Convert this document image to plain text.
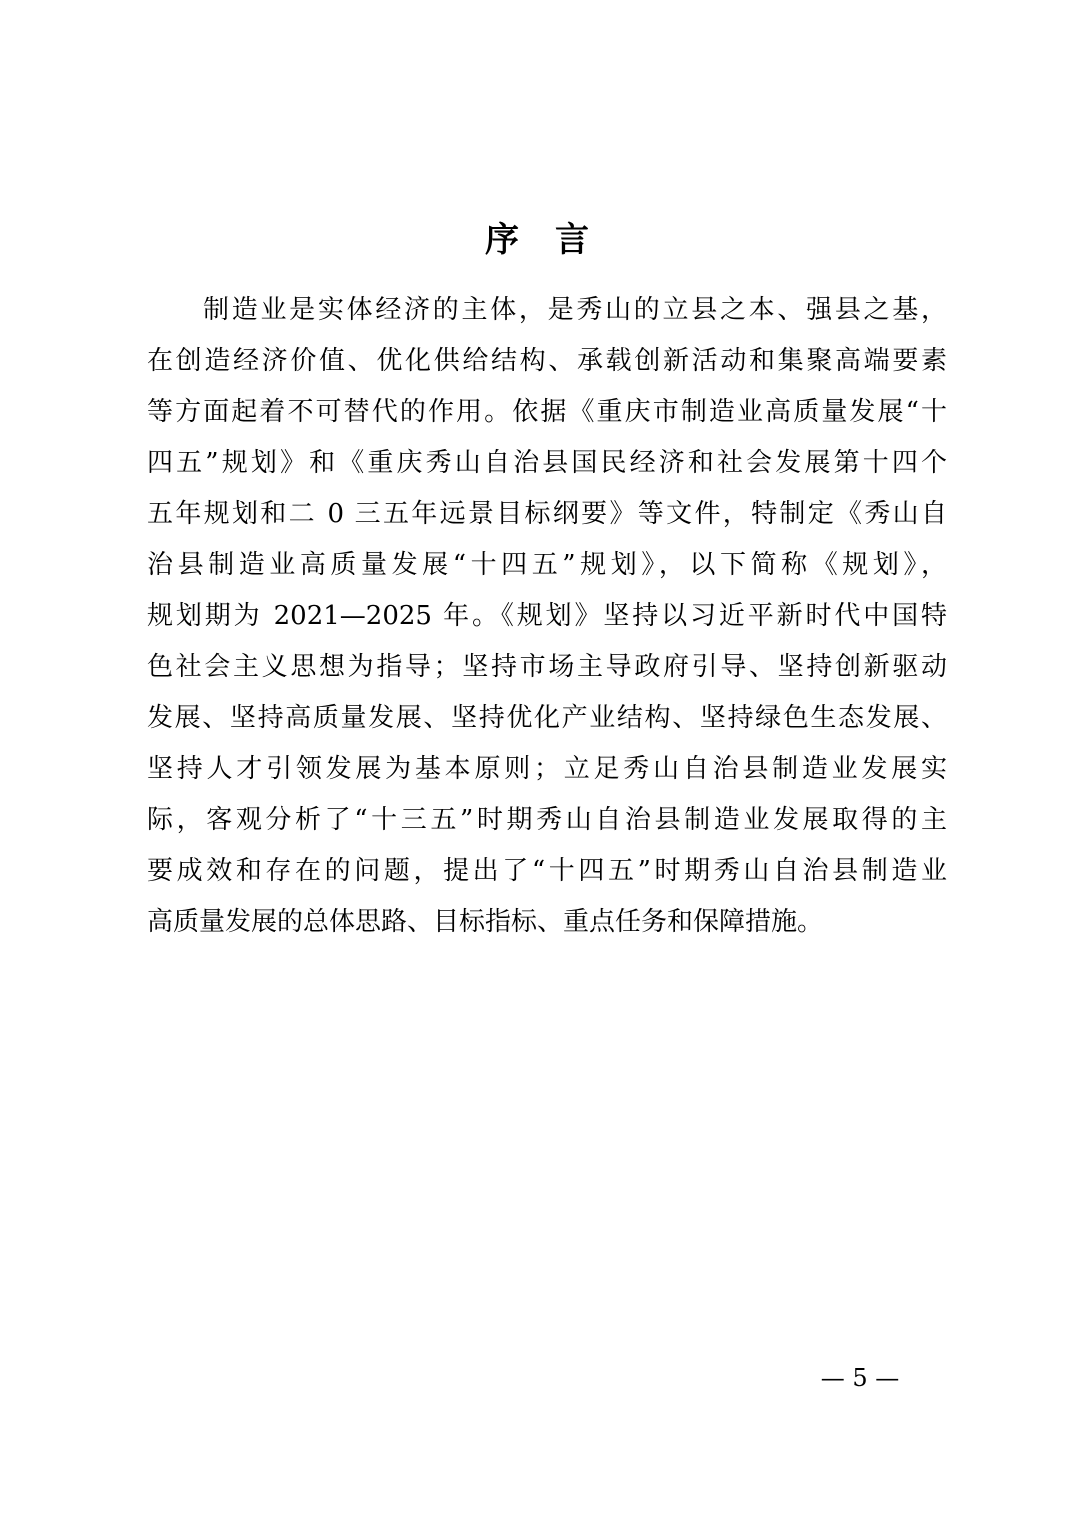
序言
制造业是实体经济的主体，是秀山的立县之本、强县之基，
在创造经济价值、优化供给结构、承载创新活动和集聚高端要素
等方面起着不可替代的作用。依据《重庆市制造业高质量发展“十
四五”规划》和《重庆秀山自治县国民经济和社会发展第十四个
五年规划和二 0 三五年远景目标纲要》等文件，特制定《秀山自
治县制造业高质量发展“十四五”规划》，以下简称《规划》，
规划期为 2021—2025 年。《规划》坚持以习近平新时代中国特
色社会主义思想为指导；坚持市场主导政府引导、坚持创新驱动
发展、坚持高质量发展、坚持优化产业结构、坚持绿色生态发展、
坚持人才引领发展为基本原则；立足秀山自治县制造业发展实
际，客观分析了“十三五”时期秀山自治县制造业发展取得的主
要成效和存在的问题，提出了“十四五”时期秀山自治县制造业
高质量发展的总体思路、目标指标、重点任务和保障措施。
— 5 —
